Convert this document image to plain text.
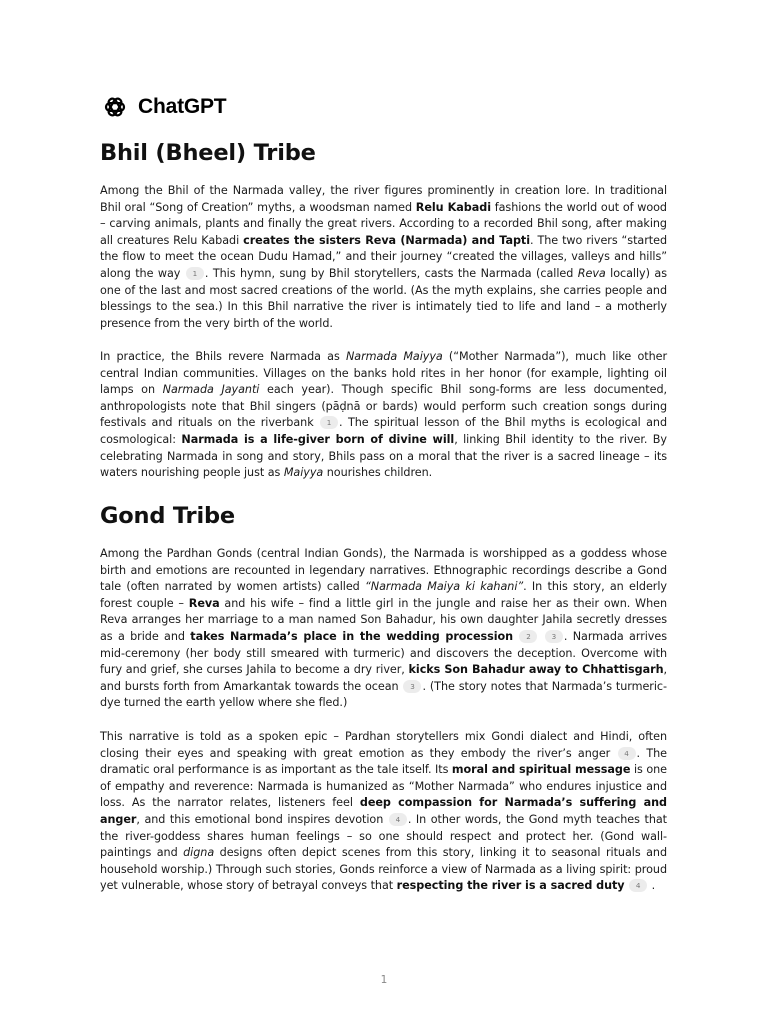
ChatGPT
Bhil (Bheel) Tribe

Among the Bhil of the Narmada valley, the river figures prominently in creation lore. In traditional Bhil oral “Song of Creation” myths, a woodsman named Relu Kabadi fashions the world out of wood – carving animals, plants and finally the great rivers. According to a recorded Bhil song, after making all creatures Relu Kabadi creates the sisters Reva (Narmada) and Tapti. The two rivers “started the flow to meet the ocean Dudu Hamad,” and their journey “created the villages, valleys and hills” along the way 1 . This hymn, sung by Bhil storytellers, casts the Narmada (called Reva locally) as one of the last and most sacred creations of the world. (As the myth explains, she carries people and blessings to the sea.) In this Bhil narrative the river is intimately tied to life and land – a motherly presence from the very birth of the world.

In practice, the Bhils revere Narmada as Narmada Maiyya (“Mother Narmada”), much like other central Indian communities. Villages on the banks hold rites in her honor (for example, lighting oil lamps on Narmada Jayanti each year). Though specific Bhil song-forms are less documented, anthropologists note that Bhil singers (pāḍnā or bards) would perform such creation songs during festivals and rituals on the riverbank 1 . The spiritual lesson of the Bhil myths is ecological and cosmological: Narmada is a life-giver born of divine will, linking Bhil identity to the river. By celebrating Narmada in song and story, Bhils pass on a moral that the river is a sacred lineage – its waters nourishing people just as Maiyya nourishes children.

Gond Tribe

Among the Pardhan Gonds (central Indian Gonds), the Narmada is worshipped as a goddess whose birth and emotions are recounted in legendary narratives. Ethnographic recordings describe a Gond tale (often narrated by women artists) called “Narmada Maiya ki kahani”. In this story, an elderly forest couple – Reva and his wife – find a little girl in the jungle and raise her as their own. When Reva arranges her marriage to a man named Son Bahadur, his own daughter Jahila secretly dresses as a bride and takes Narmada’s place in the wedding procession 2	3 . Narmada arrives mid-ceremony (her body still smeared with turmeric) and discovers the deception. Overcome with fury and grief, she curses Jahila to become a dry river, kicks Son Bahadur away to Chhattisgarh, and bursts forth from Amarkantak towards the ocean 3 . (The story notes that Narmada’s turmeric-dye turned the earth yellow where she fled.)

This narrative is told as a spoken epic – Pardhan storytellers mix Gondi dialect and Hindi, often closing their eyes and speaking with great emotion as they embody the river’s anger 4 . The dramatic oral performance is as important as the tale itself. Its moral and spiritual message is one of empathy and reverence: Narmada is humanized as “Mother Narmada” who endures injustice and loss. As the narrator relates, listeners feel deep compassion for Narmada’s suffering and anger, and this emotional bond inspires devotion 4 . In other words, the Gond myth teaches that the river-goddess shares human feelings – so one should respect and protect her. (Gond wall-paintings and digna designs often depict scenes from this story, linking it to seasonal rituals and household worship.) Through such stories, Gonds reinforce a view of Narmada as a living spirit: proud yet vulnerable, whose story of betrayal conveys that respecting the river is a sacred duty 4 .

1
